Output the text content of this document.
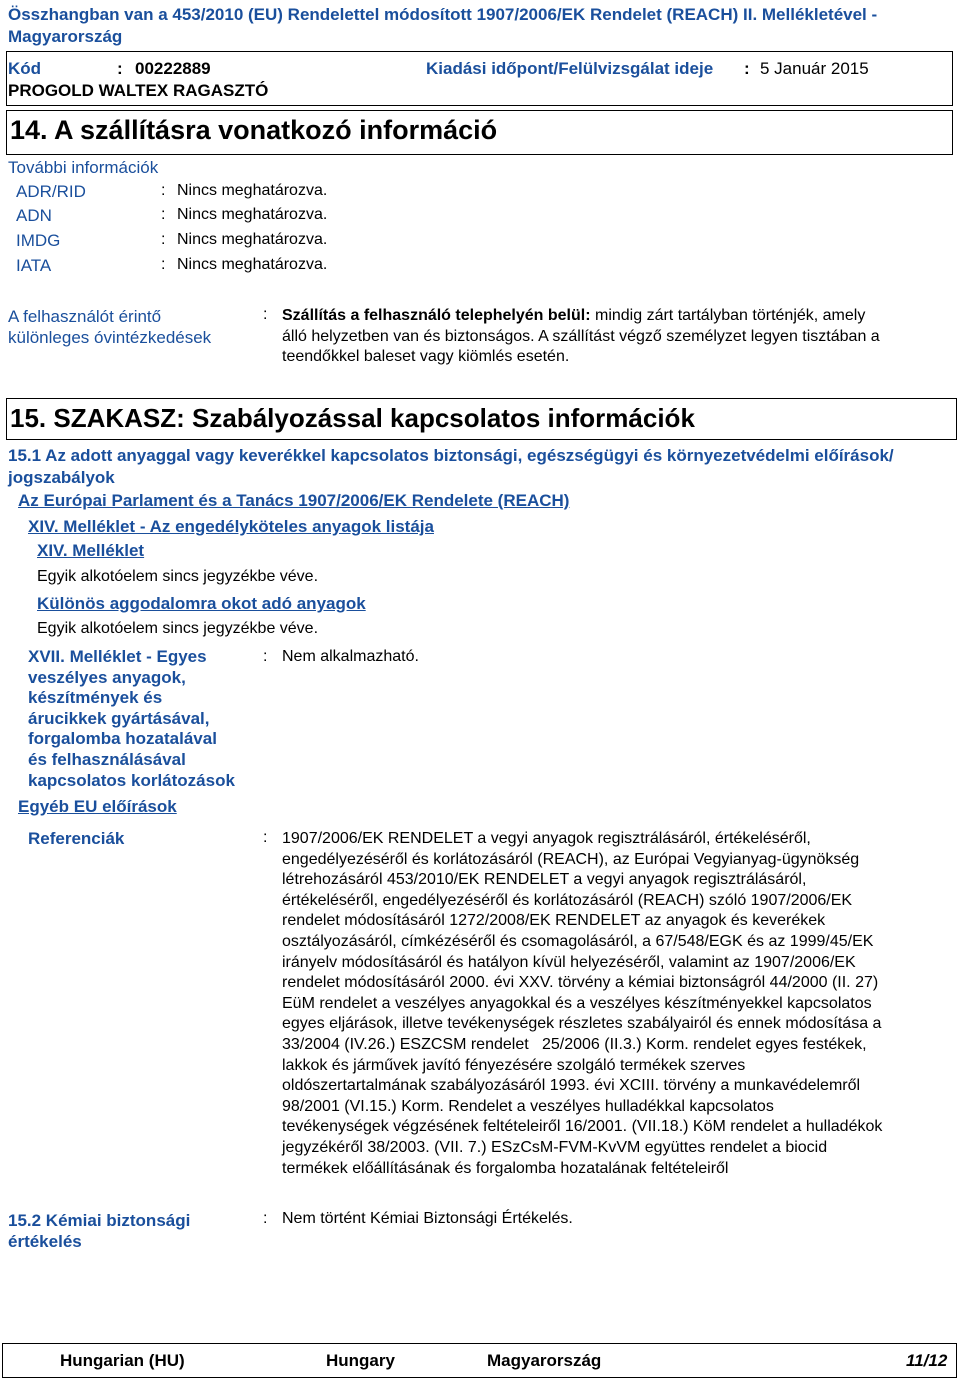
Összhangban van a 453/2010 (EU) Rendelettel módosított 1907/2006/EK Rendelet (REACH) II. Mellékletével - Magyarország
Kód	: 00222889	Kiadási időpont/Felülvizsgálat ideje : 5 Január 2015
PROGOLD WALTEX RAGASZTÓ
14. A szállításra vonatkozó információ
További információk
ADR/RID	: Nincs meghatározva.
ADN	: Nincs meghatározva.
IMDG	: Nincs meghatározva.
IATA	: Nincs meghatározva.
A felhasználót érintő
különleges óvintézkedések
: Szállítás a felhasználó telephelyén belül: mindig zárt tartályban történjék, amely
álló helyzetben van és biztonságos. A szállítást végző személyzet legyen tisztában a
teendőkkel baleset vagy kiömlés esetén.
15. SZAKASZ: Szabályozással kapcsolatos információk
15.1 Az adott anyaggal vagy keverékkel kapcsolatos biztonsági, egészségügyi és környezetvédelmi előírások/
jogszabályok
Az Európai Parlament és a Tanács 1907/2006/EK Rendelete (REACH)
XIV. Melléklet - Az engedélyköteles anyagok listája
XIV. Melléklet
Egyik alkotóelem sincs jegyzékbe véve.
Különös aggodalomra okot adó anyagok
Egyik alkotóelem sincs jegyzékbe véve.
XVII. Melléklet - Egyes
veszélyes anyagok,
készítmények és
árucikkek gyártásával,
forgalomba hozatalával
és felhasználásával
kapcsolatos korlátozások
: Nem alkalmazható.
Egyéb EU előírások
Referenciák	: 1907/2006/EK RENDELET a vegyi anyagok regisztrálásáról, értékeléséről,
engedélyezéséről és korlátozásáról (REACH), az Európai Vegyianyag-ügynökség
létrehozásáról 453/2010/EK RENDELET a vegyi anyagok regisztrálásáról,
értékeléséről, engedélyezéséről és korlátozásáról (REACH) szóló 1907/2006/EK
rendelet módosításáról 1272/2008/EK RENDELET az anyagok és keverékek
osztályozásáról, címkézéséről és csomagolásáról, a 67/548/EGK és az 1999/45/EK
irányelv módosításáról és hatályon kívül helyezéséről, valamint az 1907/2006/EK
rendelet módosításáról 2000. évi XXV. törvény a kémiai biztonságról 44/2000 (II. 27)
EüM rendelet a veszélyes anyagokkal és a veszélyes készítményekkel kapcsolatos
egyes eljárások, illetve tevékenységek részletes szabályairól és ennek módosítása a
33/2004 (IV.26.) ESZCSM rendelet   25/2006 (II.3.) Korm. rendelet egyes festékek,
lakkok és járművek javító fényezésére szolgáló termékek szerves
oldószertartalmának szabályozásáról 1993. évi XCIII. törvény a munkavédelemről
98/2001 (VI.15.) Korm. Rendelet a veszélyes hulladékkal kapcsolatos
tevékenységek végzésének feltételeiről 16/2001. (VII.18.) KöM rendelet a hulladékok
jegyzékéről 38/2003. (VII. 7.) ESzCsM-FVM-KvVM együttes rendelet a biocid
termékek előállításának és forgalomba hozatalának feltételeiről
15.2 Kémiai biztonsági
értékelés
: Nem történt Kémiai Biztonsági Értékelés.
Hungarian (HU)	Hungary	Magyarország	11/12
